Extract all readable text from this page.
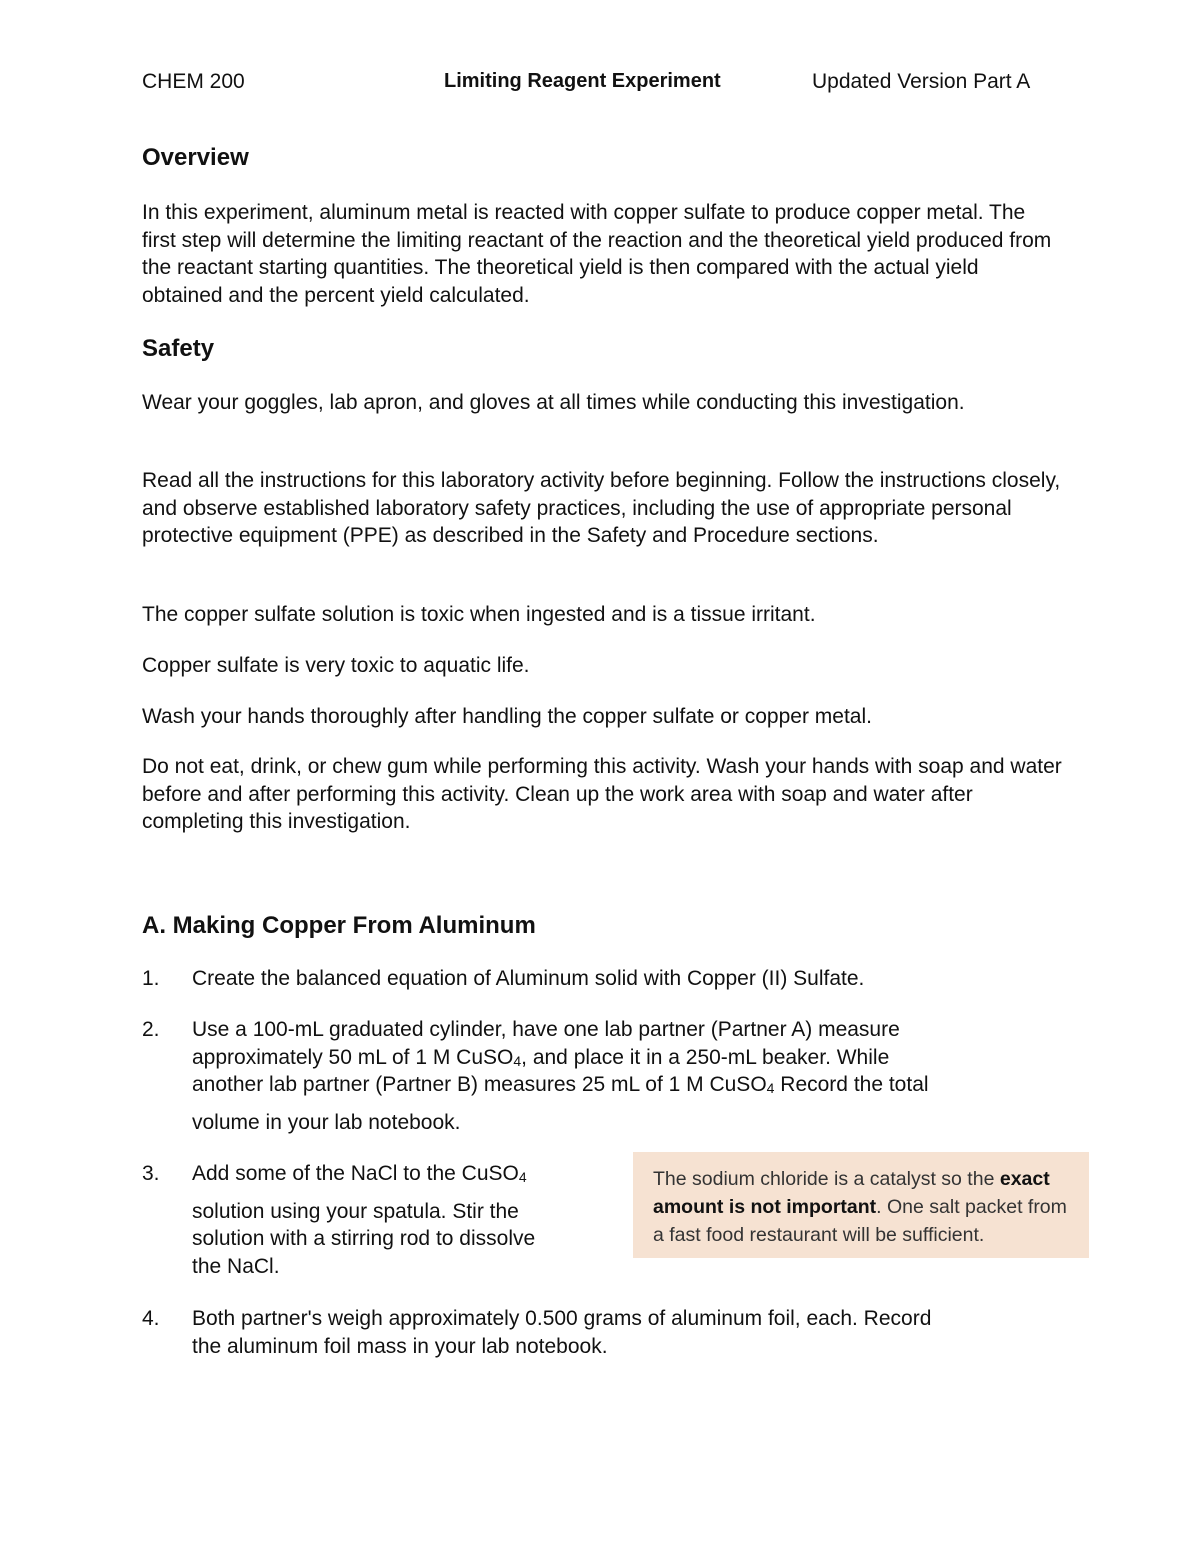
CHEM 200	Limiting Reagent Experiment	Updated Version Part A
Overview

In this experiment, aluminum metal is reacted with copper sulfate to produce copper metal. The first step will determine the limiting reactant of the reaction and the theoretical yield produced from the reactant starting quantities. The theoretical yield is then compared with the actual yield obtained and the percent yield calculated.

Safety

Wear your goggles, lab apron, and gloves at all times while conducting this investigation.

Read all the instructions for this laboratory activity before beginning. Follow the instructions closely, and observe established laboratory safety practices, including the use of appropriate personal protective equipment (PPE) as described in the Safety and Procedure sections.

The copper sulfate solution is toxic when ingested and is a tissue irritant.

Copper sulfate is very toxic to aquatic life.

Wash your hands thoroughly after handling the copper sulfate or copper metal.

Do not eat, drink, or chew gum while performing this activity. Wash your hands with soap and water before and after performing this activity. Clean up the work area with soap and water after completing this investigation.

A. Making Copper From Aluminum
1. Create the balanced equation of Aluminum solid with Copper (II) Sulfate.
2. Use a 100-mL graduated cylinder, have one lab partner (Partner A) measure
approximately 50 mL of 1 M CuSO$_4$, and place it in a 250-mL beaker. While
another lab partner (Partner B) measures 25 mL of 1 M CuSO$_4$ Record the total
volume in your lab notebook.
3. Add some of the NaCl to the CuSO$_4$
solution using your spatula. Stir the
solution with a stirring rod to dissolve
the NaCl.
The sodium chloride is a catalyst so the exact amount is not important. One salt packet from a fast food restaurant will be sufficient.
4. Both partner's weigh approximately 0.500 grams of aluminum foil, each. Record
the aluminum foil mass in your lab notebook.
